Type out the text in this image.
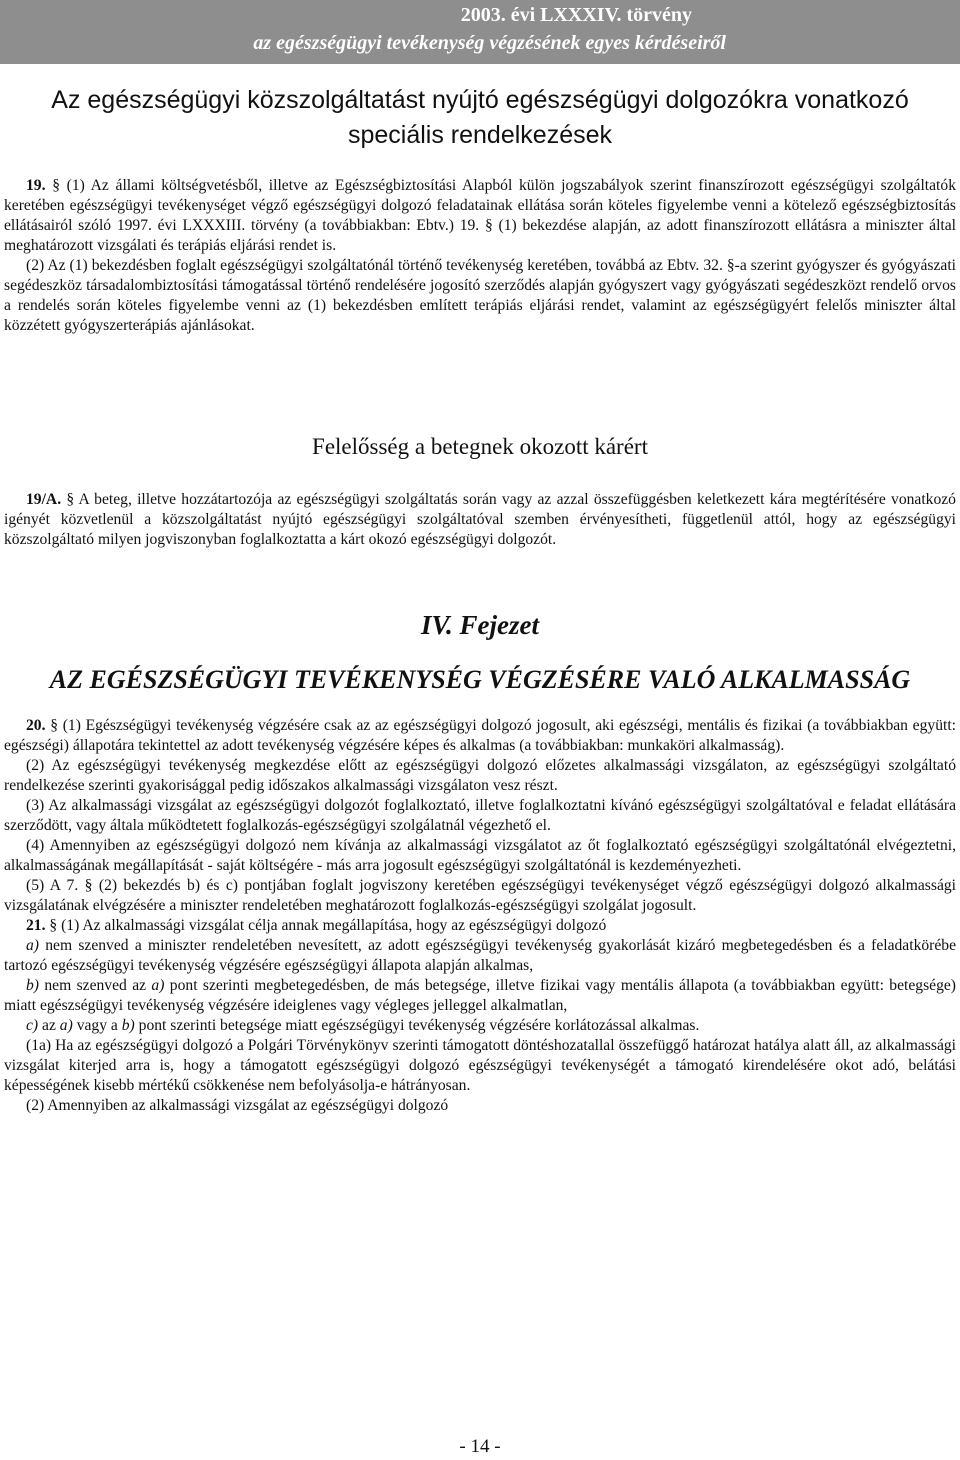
2003. évi LXXXIV. törvény
az egészségügyi tevékenység végzésének egyes kérdéseiről
Az egészségügyi közszolgáltatást nyújtó egészségügyi dolgozókra vonatkozó
speciális rendelkezések

19. § (1) Az állami költségvetésből, illetve az Egészségbiztosítási Alapból külön jogszabályok szerint finanszírozott egészségügyi szolgáltatók keretében egészségügyi tevékenységet végző egészségügyi dolgozó feladatainak ellátása során köteles figyelembe venni a kötelező egészségbiztosítás ellátásairól szóló 1997. évi LXXXIII. törvény (a továbbiakban: Ebtv.) 19. § (1) bekezdése alapján, az adott finanszírozott ellátásra a miniszter által meghatározott vizsgálati és terápiás eljárási rendet is.

(2) Az (1) bekezdésben foglalt egészségügyi szolgáltatónál történő tevékenység keretében, továbbá az Ebtv. 32. §-a szerint gyógyszer és gyógyászati segédeszköz társadalombiztosítási támogatással történő rendelésére jogosító szerződés alapján gyógyszert vagy gyógyászati segédeszközt rendelő orvos a rendelés során köteles figyelembe venni az (1) bekezdésben említett terápiás eljárási rendet, valamint az egészségügyért felelős miniszter által közzétett gyógyszerterápiás ajánlásokat.

Felelősség a betegnek okozott kárért

19/A. § A beteg, illetve hozzátartozója az egészségügyi szolgáltatás során vagy az azzal összefüggésben keletkezett kára megtérítésére vonatkozó igényét közvetlenül a közszolgáltatást nyújtó egészségügyi szolgáltatóval szemben érvényesítheti, függetlenül attól, hogy az egészségügyi közszolgáltató milyen jogviszonyban foglalkoztatta a kárt okozó egészségügyi dolgozót.

IV. Fejezet
AZ EGÉSZSÉGÜGYI TEVÉKENYSÉG VÉGZÉSÉRE VALÓ ALKALMASSÁG

20. § (1) Egészségügyi tevékenység végzésére csak az az egészségügyi dolgozó jogosult, aki egészségi, mentális és fizikai (a továbbiakban együtt: egészségi) állapotára tekintettel az adott tevékenység végzésére képes és alkalmas (a továbbiakban: munkaköri alkalmasság).

(2) Az egészségügyi tevékenység megkezdése előtt az egészségügyi dolgozó előzetes alkalmassági vizsgálaton, az egészségügyi szolgáltató rendelkezése szerinti gyakorisággal pedig időszakos alkalmassági vizsgálaton vesz részt.

(3) Az alkalmassági vizsgálat az egészségügyi dolgozót foglalkoztató, illetve foglalkoztatni kívánó egészségügyi szolgáltatóval e feladat ellátására szerződött, vagy általa működtetett foglalkozás-egészségügyi szolgálatnál végezhető el.

(4) Amennyiben az egészségügyi dolgozó nem kívánja az alkalmassági vizsgálatot az őt foglalkoztató egészségügyi szolgáltatónál elvégeztetni, alkalmasságának megállapítását - saját költségére - más arra jogosult egészségügyi szolgáltatónál is kezdeményezheti.

(5) A 7. § (2) bekezdés b) és c) pontjában foglalt jogviszony keretében egészségügyi tevékenységet végző egészségügyi dolgozó alkalmassági vizsgálatának elvégzésére a miniszter rendeletében meghatározott foglalkozás-egészségügyi szolgálat jogosult.

21. § (1) Az alkalmassági vizsgálat célja annak megállapítása, hogy az egészségügyi dolgozó

a) nem szenved a miniszter rendeletében nevesített, az adott egészségügyi tevékenység gyakorlását kizáró megbetegedésben és a feladatkörébe tartozó egészségügyi tevékenység végzésére egészségügyi állapota alapján alkalmas,

b) nem szenved az a) pont szerinti megbetegedésben, de más betegsége, illetve fizikai vagy mentális állapota (a továbbiakban együtt: betegsége) miatt egészségügyi tevékenység végzésére ideiglenes vagy végleges jelleggel alkalmatlan,

c) az a) vagy a b) pont szerinti betegsége miatt egészségügyi tevékenység végzésére korlátozással alkalmas.

(1a) Ha az egészségügyi dolgozó a Polgári Törvénykönyv szerinti támogatott döntéshozatallal összefüggő határozat hatálya alatt áll, az alkalmassági vizsgálat kiterjed arra is, hogy a támogatott egészségügyi dolgozó egészségügyi tevékenységét a támogató kirendelésére okot adó, belátási képességének kisebb mértékű csökkenése nem befolyásolja-e hátrányosan.

(2) Amennyiben az alkalmassági vizsgálat az egészségügyi dolgozó

- 14 -
